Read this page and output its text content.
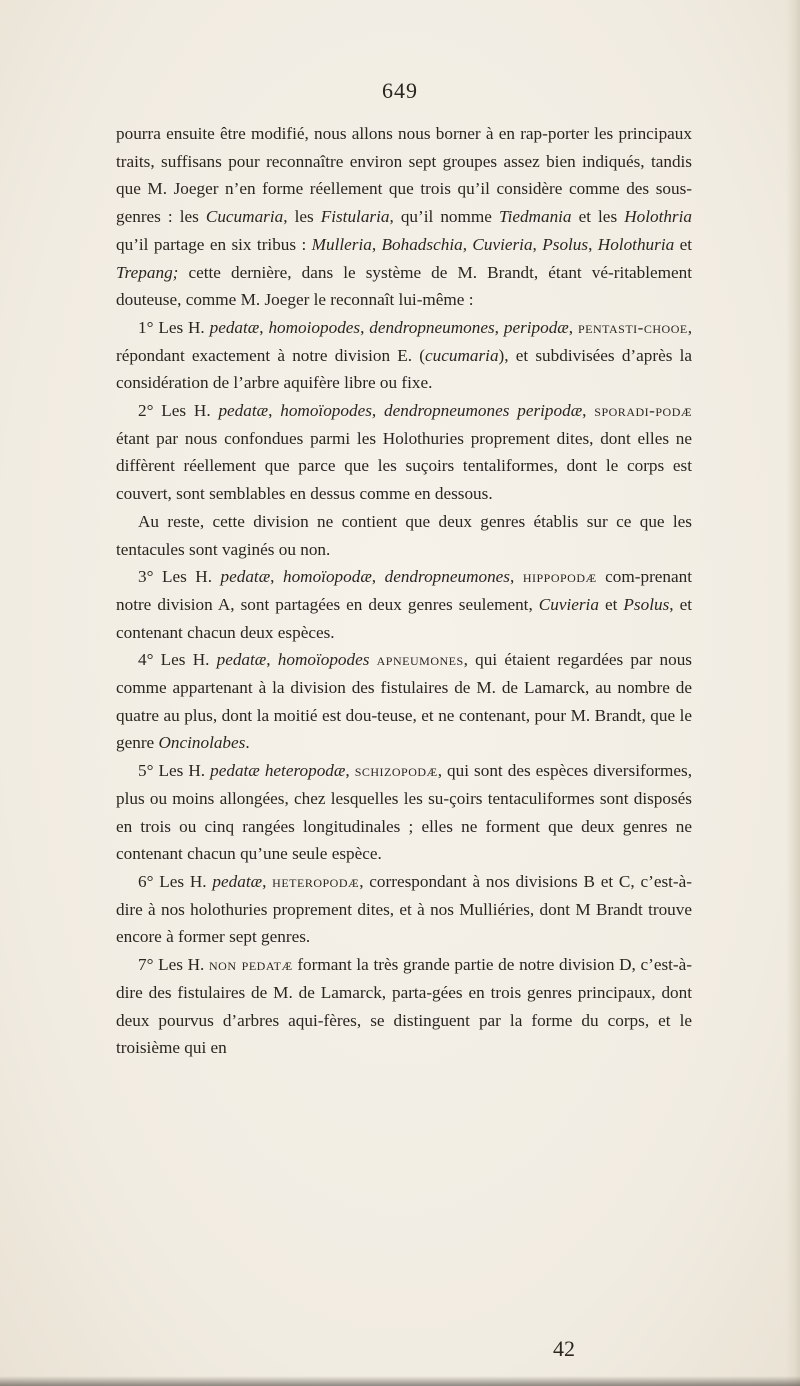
649

pourra ensuite être modifié, nous allons nous borner à en rap-porter les principaux traits, suffisans pour reconnaître environ sept groupes assez bien indiqués, tandis que M. Joeger n’en forme réellement que trois qu’il considère comme des sous-genres : les Cucumaria, les Fistularia, qu’il nomme Tiedmania et les Holothria qu’il partage en six tribus : Mulleria, Bohadschia, Cuvieria, Psolus, Holothuria et Trepang; cette dernière, dans le système de M. Brandt, étant vé-ritablement douteuse, comme M. Joeger le reconnaît lui-même :

1° Les H. pedatæ, homoiopodes, dendropneumones, peripodæ, pentasti-chooe, répondant exactement à notre division E. (cucumaria), et subdivisées d’après la considération de l’arbre aquifère libre ou fixe.

2° Les H. pedatæ, homoïopodes, dendropneumones peripodæ, sporadi-podæ étant par nous confondues parmi les Holothuries proprement dites, dont elles ne diffèrent réellement que parce que les suçoirs tentaliformes, dont le corps est couvert, sont semblables en dessus comme en dessous.

Au reste, cette division ne contient que deux genres établis sur ce que les tentacules sont vaginés ou non.

3° Les H. pedatæ, homoïopodæ, dendropneumones, hippopodæ com-prenant notre division A, sont partagées en deux genres seulement, Cuvieria et Psolus, et contenant chacun deux espèces.

4° Les H. pedatæ, homoïopodes apneumones, qui étaient regardées par nous comme appartenant à la division des fistulaires de M. de Lamarck, au nombre de quatre au plus, dont la moitié est dou-teuse, et ne contenant, pour M. Brandt, que le genre Oncinolabes.

5° Les H. pedatæ heteropodæ, schizopodæ, qui sont des espèces diversiformes, plus ou moins allongées, chez lesquelles les su-çoirs tentaculiformes sont disposés en trois ou cinq rangées longitudinales ; elles ne forment que deux genres ne contenant chacun qu’une seule espèce.

6° Les H. pedatæ, heteropodæ, correspondant à nos divisions B et C, c’est-à-dire à nos holothuries proprement dites, et à nos Mulliéries, dont M Brandt trouve encore à former sept genres.

7° Les H. non pedatæ formant la très grande partie de notre division D, c’est-à-dire des fistulaires de M. de Lamarck, parta-gées en trois genres principaux, dont deux pourvus d’arbres aqui-fères, se distinguent par la forme du corps, et le troisième qui en

42
